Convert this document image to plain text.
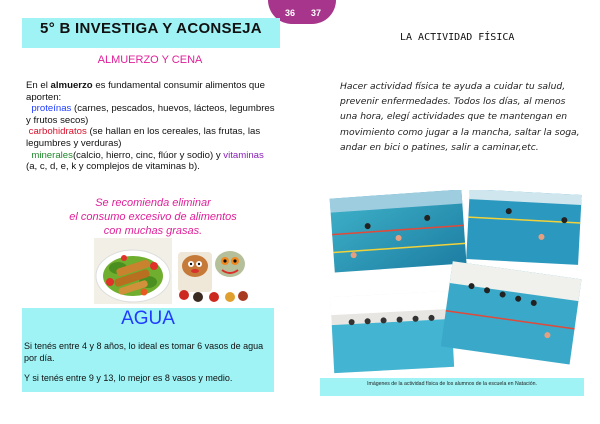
36 37
5° B INVESTIGA Y ACONSEJA
ALMUERZO Y CENA
En el almuerzo es fundamental consumir alimentos que aporten:
proteínas (carnes, pescados, huevos, lácteos, legumbres y frutos secos)
carbohidratos (se hallan en los cereales, las frutas, las legumbres y verduras)
minerales(calcio, hierro, cinc, flúor y sodio) y vitaminas (a, c, d, e, k y complejos de vitaminas b).
Se recomienda eliminar
el consumo excesivo de alimentos
con muchas grasas.
AGUA
Si tenés entre 4 y 8 años, lo ideal es tomar 6 vasos de agua por día.
Y si tenés entre 9 y 13, lo mejor es 8 vasos y medio.
LA ACTIVIDAD FÍSICA
Hacer actividad física te ayuda a cuidar tu salud, prevenir enfermedades. Todos los días, al menos una hora, elegí actividades que te mantengan en movimiento como jugar a la mancha, saltar la soga, andar en bici o patines, salir a caminar,etc.
Imágenes de la actividad física de los alumnos de la escuela en Natación.
